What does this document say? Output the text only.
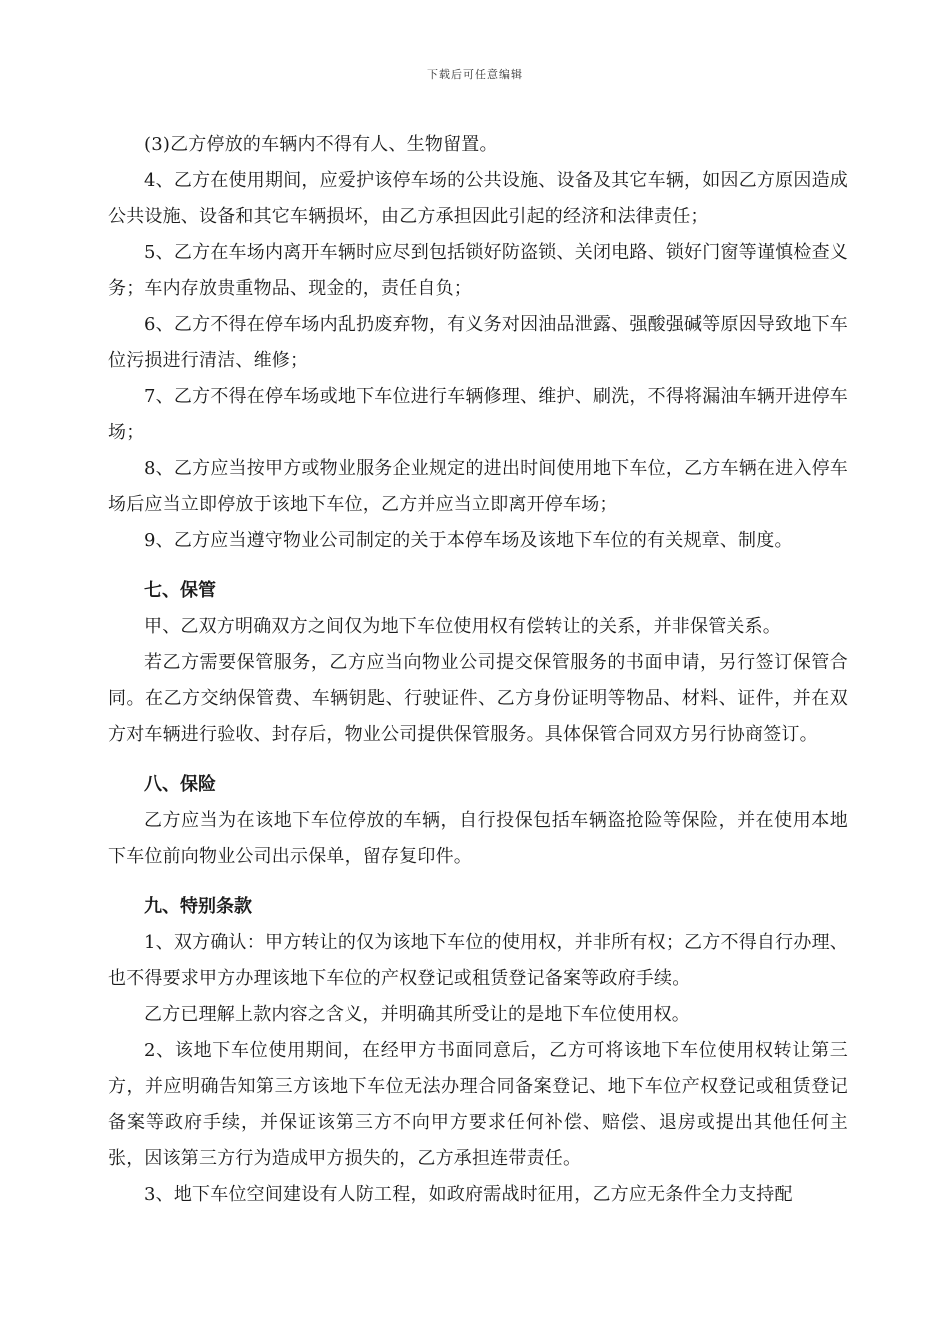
下载后可任意编辑

(3)乙方停放的车辆内不得有人、生物留置。

4、乙方在使用期间，应爱护该停车场的公共设施、设备及其它车辆，如因乙方原因造成公共设施、设备和其它车辆损坏，由乙方承担因此引起的经济和法律责任；

5、乙方在车场内离开车辆时应尽到包括锁好防盗锁、关闭电路、锁好门窗等谨慎检查义务；车内存放贵重物品、现金的，责任自负；

6、乙方不得在停车场内乱扔废弃物，有义务对因油品泄露、强酸强碱等原因导致地下车位污损进行清洁、维修；

7、乙方不得在停车场或地下车位进行车辆修理、维护、刷洗，不得将漏油车辆开进停车场；

8、乙方应当按甲方或物业服务企业规定的进出时间使用地下车位，乙方车辆在进入停车场后应当立即停放于该地下车位，乙方并应当立即离开停车场；

9、乙方应当遵守物业公司制定的关于本停车场及该地下车位的有关规章、制度。

七、保管

甲、乙双方明确双方之间仅为地下车位使用权有偿转让的关系，并非保管关系。

若乙方需要保管服务，乙方应当向物业公司提交保管服务的书面申请，另行签订保管合同。在乙方交纳保管费、车辆钥匙、行驶证件、乙方身份证明等物品、材料、证件，并在双方对车辆进行验收、封存后，物业公司提供保管服务。具体保管合同双方另行协商签订。

八、保险

乙方应当为在该地下车位停放的车辆，自行投保包括车辆盗抢险等保险，并在使用本地下车位前向物业公司出示保单，留存复印件。

九、特别条款

1、双方确认：甲方转让的仅为该地下车位的使用权，并非所有权；乙方不得自行办理、也不得要求甲方办理该地下车位的产权登记或租赁登记备案等政府手续。

乙方已理解上款内容之含义，并明确其所受让的是地下车位使用权。

2、该地下车位使用期间，在经甲方书面同意后，乙方可将该地下车位使用权转让第三方，并应明确告知第三方该地下车位无法办理合同备案登记、地下车位产权登记或租赁登记备案等政府手续，并保证该第三方不向甲方要求任何补偿、赔偿、退房或提出其他任何主张，因该第三方行为造成甲方损失的，乙方承担连带责任。

3、地下车位空间建设有人防工程，如政府需战时征用，乙方应无条件全力支持配
